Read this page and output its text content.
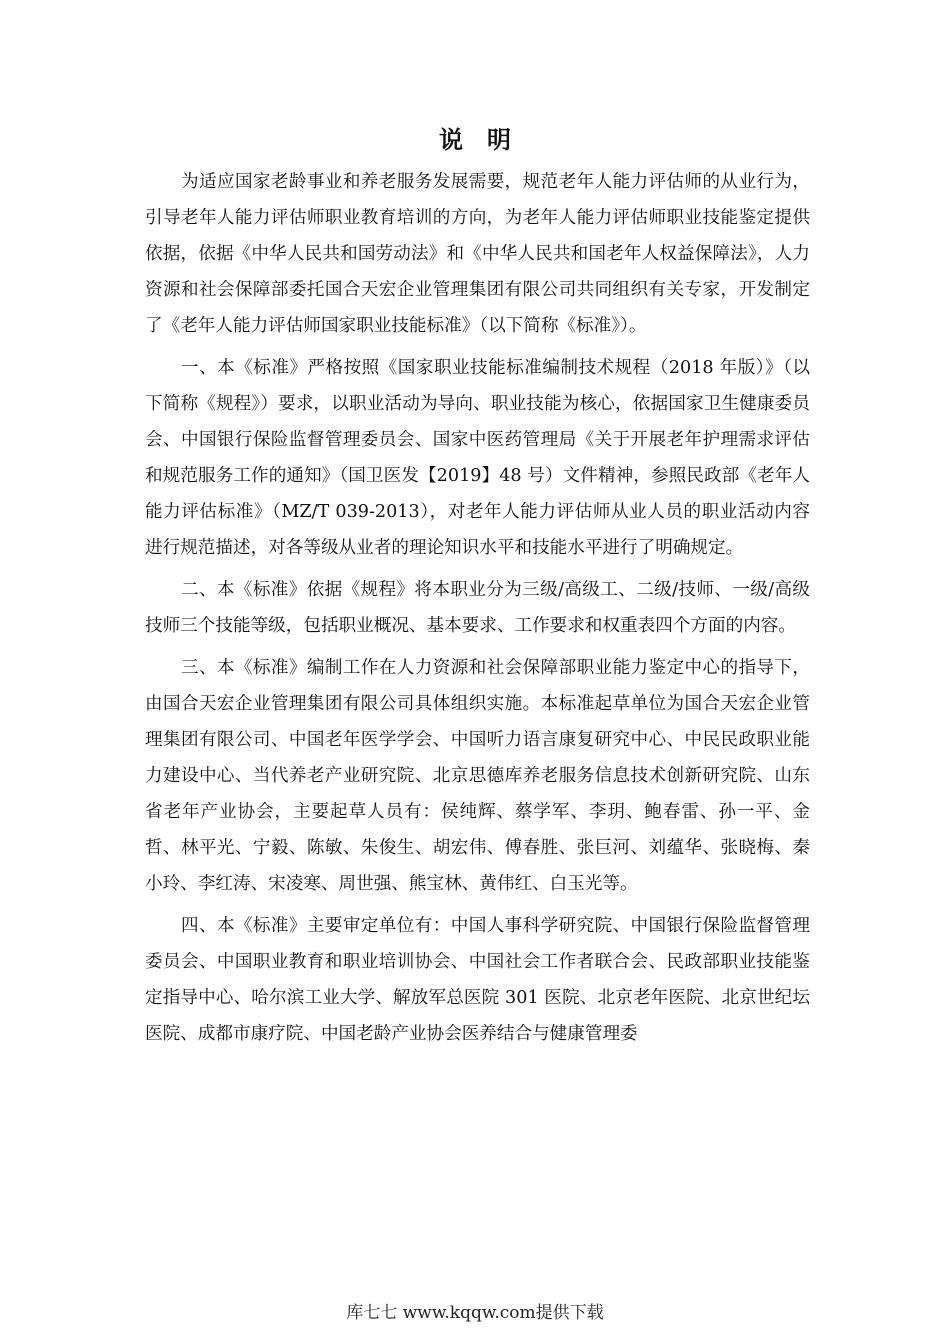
说明

为适应国家老龄事业和养老服务发展需要，规范老年人能力评估师的从业行为，引导老年人能力评估师职业教育培训的方向，为老年人能力评估师职业技能鉴定提供依据，依据《中华人民共和国劳动法》和《中华人民共和国老年人权益保障法》，人力资源和社会保障部委托国合天宏企业管理集团有限公司共同组织有关专家，开发制定了《老年人能力评估师国家职业技能标准》（以下简称《标准》）。

一、本《标准》严格按照《国家职业技能标准编制技术规程（2018 年版）》（以下简称《规程》）要求，以职业活动为导向、职业技能为核心，依据国家卫生健康委员会、中国银行保险监督管理委员会、国家中医药管理局《关于开展老年护理需求评估和规范服务工作的通知》（国卫医发【2019】48 号）文件精神，参照民政部《老年人能力评估标准》（MZ/T 039-2013），对老年人能力评估师从业人员的职业活动内容进行规范描述，对各等级从业者的理论知识水平和技能水平进行了明确规定。

二、本《标准》依据《规程》将本职业分为三级/高级工、二级/技师、一级/高级技师三个技能等级，包括职业概况、基本要求、工作要求和权重表四个方面的内容。

三、本《标准》编制工作在人力资源和社会保障部职业能力鉴定中心的指导下，由国合天宏企业管理集团有限公司具体组织实施。本标准起草单位为国合天宏企业管理集团有限公司、中国老年医学学会、中国听力语言康复研究中心、中民民政职业能力建设中心、当代养老产业研究院、北京思德库养老服务信息技术创新研究院、山东省老年产业协会，主要起草人员有：侯纯辉、蔡学军、李玥、鲍春雷、孙一平、金哲、林平光、宁毅、陈敏、朱俊生、胡宏伟、傅春胜、张巨河、刘蕴华、张晓梅、秦小玲、李红涛、宋凌寒、周世强、熊宝林、黄伟红、白玉光等。

四、本《标准》主要审定单位有：中国人事科学研究院、中国银行保险监督管理委员会、中国职业教育和职业培训协会、中国社会工作者联合会、民政部职业技能鉴定指导中心、哈尔滨工业大学、解放军总医院 301 医院、北京老年医院、北京世纪坛医院、成都市康疗院、中国老龄产业协会医养结合与健康管理委

库七七 www.kqqw.com提供下载
